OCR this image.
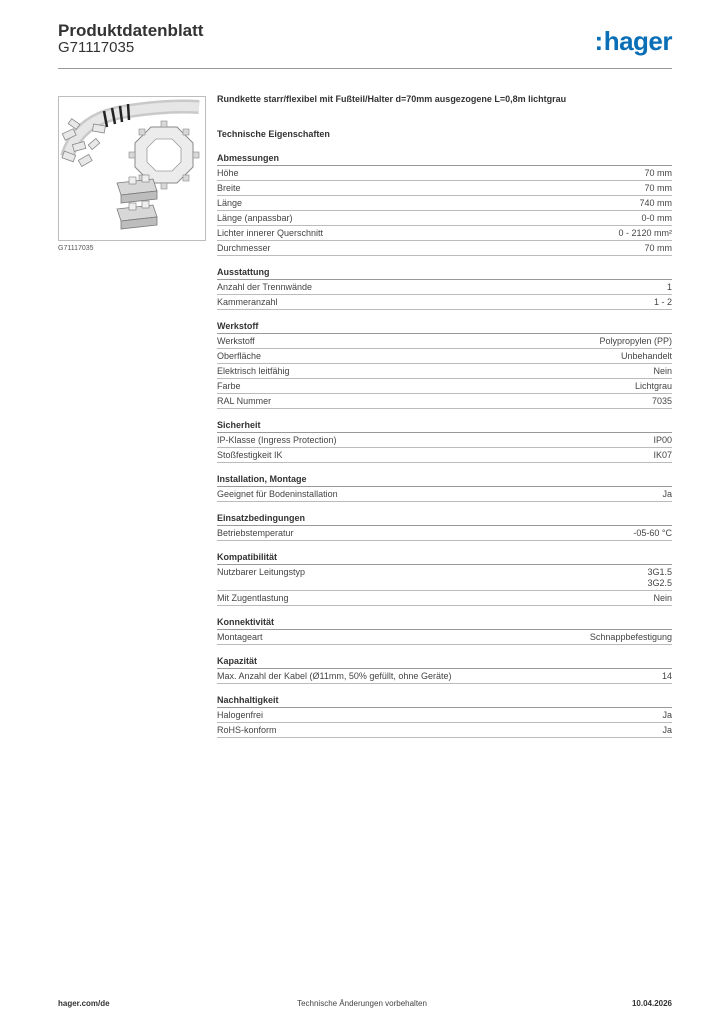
Produktdatenblatt
G71117035	:hager
G71117035
Rundkette starr/flexibel mit Fußteil/Halter d=70mm ausgezogene L=0,8m lichtgrau
Technische Eigenschaften
Abmessungen
Höhe	70 mm
Breite	70 mm
Länge	740 mm
Länge (anpassbar)	0-0 mm
Lichter innerer Querschnitt	0 - 2120 mm²
Durchmesser	70 mm
Ausstattung
Anzahl der Trennwände	1
Kammeranzahl	1 - 2
Werkstoff
Werkstoff	Polypropylen (PP)
Oberfläche	Unbehandelt
Elektrisch leitfähig	Nein
Farbe	Lichtgrau
RAL Nummer	7035
Sicherheit
IP-Klasse (Ingress Protection)	IP00
Stoßfestigkeit IK	IK07
Installation, Montage
Geeignet für Bodeninstallation	Ja
Einsatzbedingungen
Betriebstemperatur	-05-60 °C
Kompatibilität
Nutzbarer Leitungstyp	3G1.5
3G2.5
Mit Zugentlastung	Nein
Konnektivität
Montageart	Schnappbefestigung
Kapazität
Max. Anzahl der Kabel (Ø11mm, 50% gefüllt, ohne Geräte)	14
Nachhaltigkeit
Halogenfrei	Ja
RoHS-konform	Ja
hager.com/de	Technische Änderungen vorbehalten	10.04.2026
